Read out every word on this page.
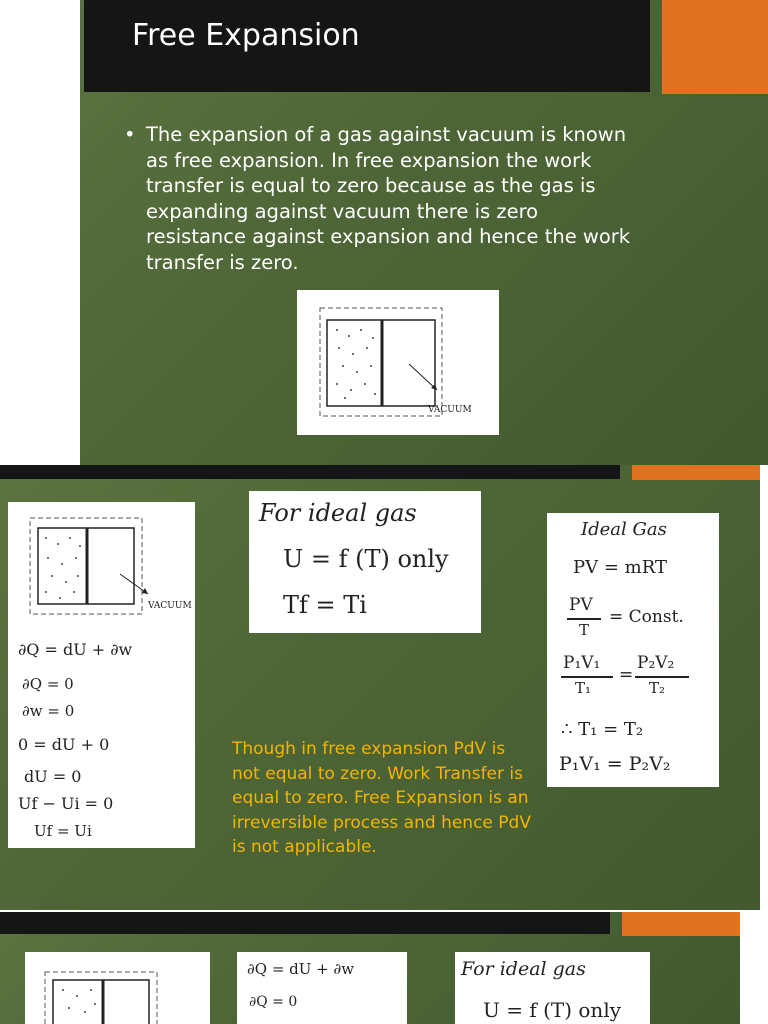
Free Expansion
• The expansion of a gas against vacuum is known as free expansion. In free expansion the work transfer is equal to zero because as the gas is expanding against vacuum there is zero resistance against expansion and hence the work transfer is zero.
VACUUM
VACUUM
∂Q = dU + ∂w
∂Q = 0
∂w = 0
0 = dU + 0
dU = 0
Uf − Ui = 0
Uf = Ui
For ideal gas
U = f (T) only
Tf = Ti
Ideal Gas
PV = mRT
PV
T
= Const.
P₁V₁
T₁
=
P₂V₂
T₂
∴ T₁ = T₂
P₁V₁ = P₂V₂
Though in free expansion PdV is not equal to zero. Work Transfer is equal to zero. Free Expansion is an irreversible process and hence PdV is not applicable.
∂Q = dU + ∂w
∂Q = 0
For ideal gas
U = f (T) only
